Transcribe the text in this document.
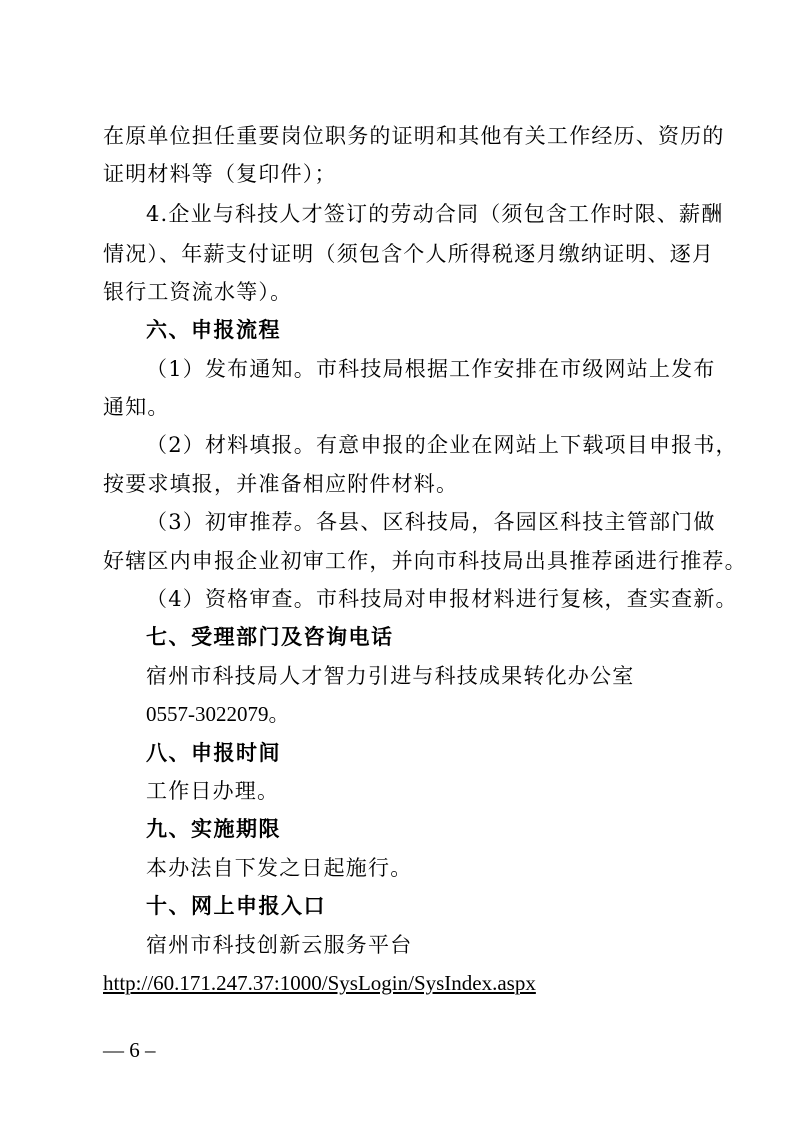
在原单位担任重要岗位职务的证明和其他有关工作经历、资历的
证明材料等（复印件）；
4.企业与科技人才签订的劳动合同（须包含工作时限、薪酬
情况）、年薪支付证明（须包含个人所得税逐月缴纳证明、逐月
银行工资流水等）。
六、申报流程
（1）发布通知。市科技局根据工作安排在市级网站上发布
通知。
（2）材料填报。有意申报的企业在网站上下载项目申报书，
按要求填报，并准备相应附件材料。
（3）初审推荐。各县、区科技局，各园区科技主管部门做
好辖区内申报企业初审工作，并向市科技局出具推荐函进行推荐。
（4）资格审查。市科技局对申报材料进行复核，查实查新。
七、受理部门及咨询电话
宿州市科技局人才智力引进与科技成果转化办公室
0557-3022079。
八、申报时间
工作日办理。
九、实施期限
本办法自下发之日起施行。
十、网上申报入口
宿州市科技创新云服务平台
http://60.171.247.37:1000/SysLogin/SysIndex.aspx
— 6 –
